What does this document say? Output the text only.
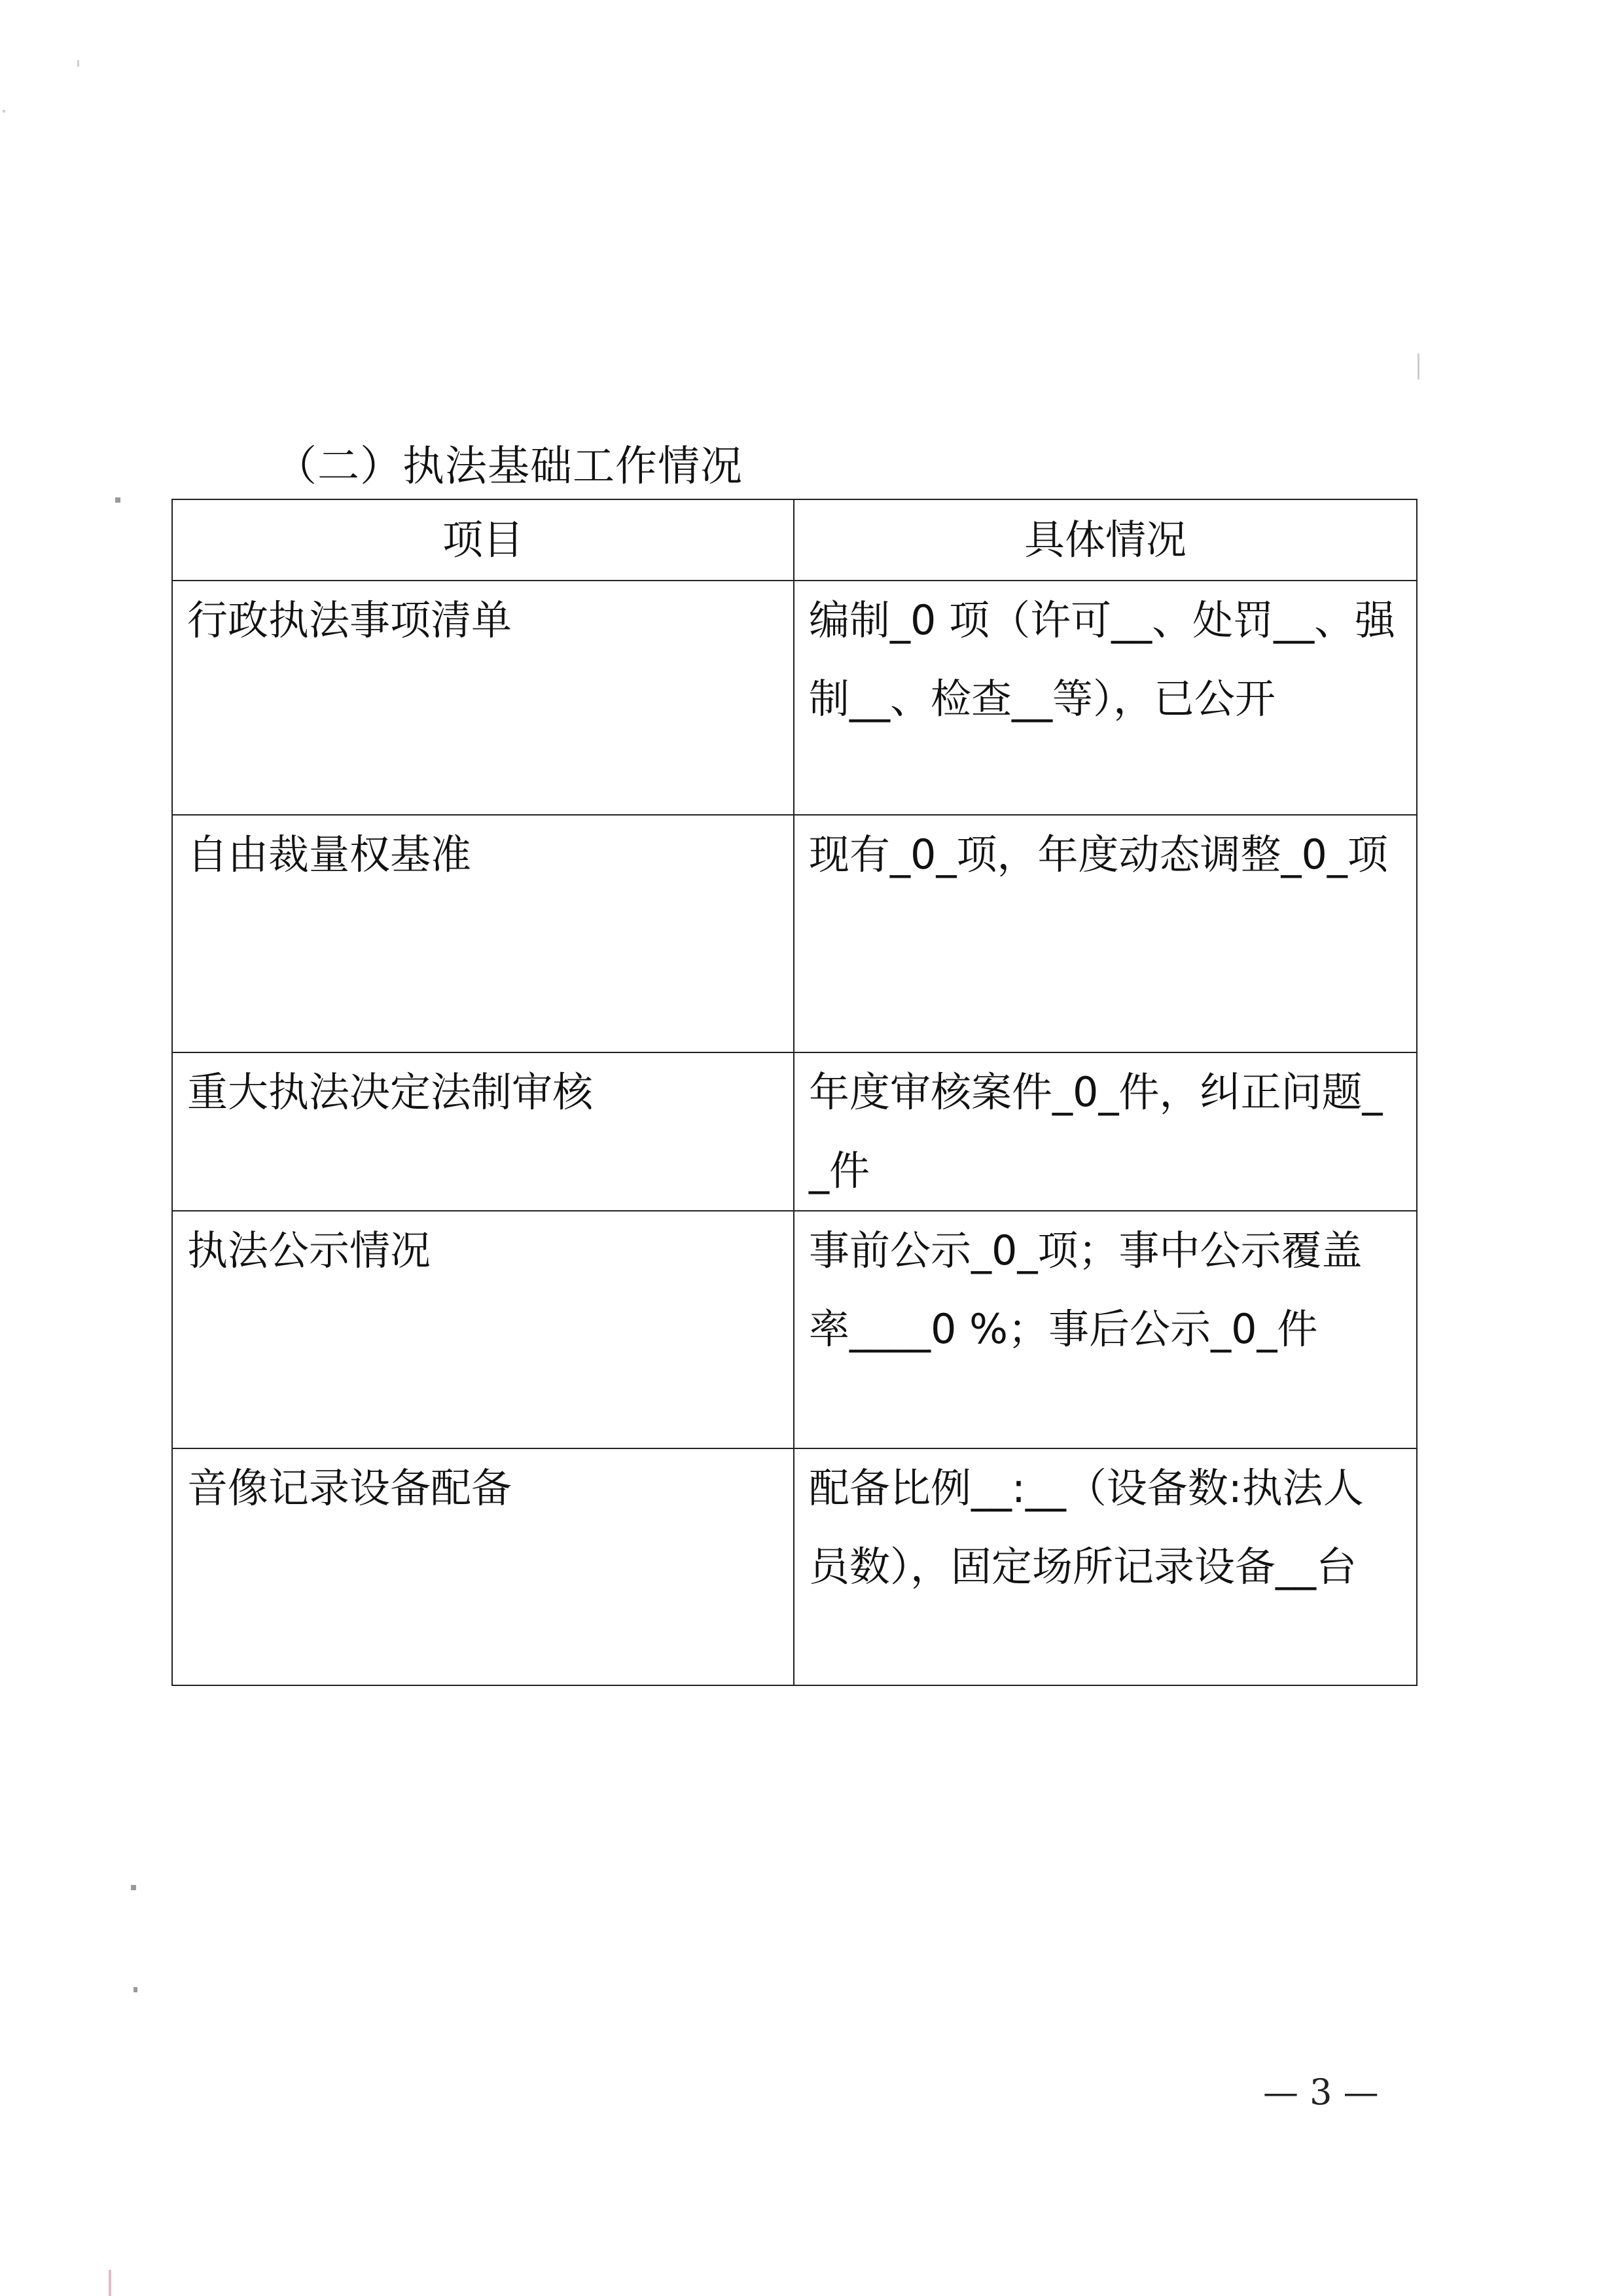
（二）执法基础工作情况
项目	具体情况
行政执法事项清单	编制_0 项（许可__、处罚__、强制__、检查__等），已公开
自由裁量权基准	现有_0_项，年度动态调整_0_项
重大执法决定法制审核	年度审核案件_0_件，纠正问题__件
执法公示情况	事前公示_0_项；事中公示覆盖率____0 %；事后公示_0_件
音像记录设备配备	配备比例__:__（设备数:执法人员数），固定场所记录设备__台
— 3 —
